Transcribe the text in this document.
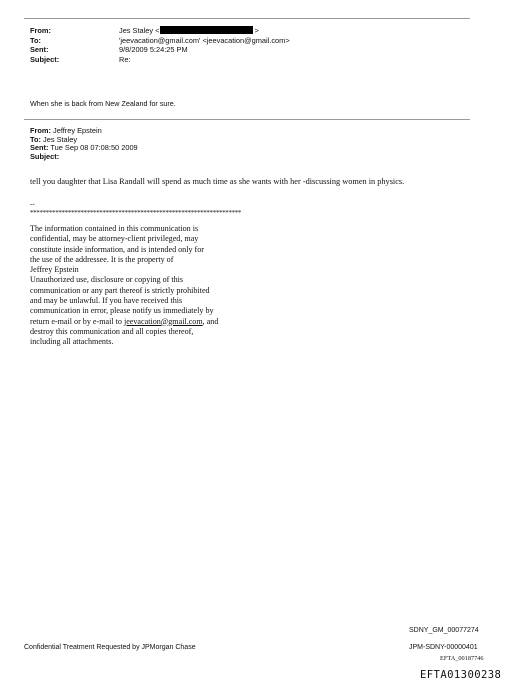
From:	Jes Staley <	>
To:	'jeevacation@gmail.com' <jeevacation@gmail.com>
Sent:	9/8/2009 5:24:25 PM
Subject:	Re:
When she is back from New Zealand for sure.
From: Jeffrey Epstein
To: Jes Staley
Sent: Tue Sep 08 07:08:50 2009
Subject:
tell you daughter that Lisa Randall will spend as much time as she wants with her -discussing women in physics.
--
*******************************************************************
The information contained in this communication is
confidential, may be attorney-client privileged, may
constitute inside information, and is intended only for
the use of the addressee. It is the property of
Jeffrey Epstein
Unauthorized use, disclosure or copying of this
communication or any part thereof is strictly prohibited
and may be unlawful. If you have received this
communication in error, please notify us immediately by
return e-mail or by e-mail to jeevacation@gmail.com, and
destroy this communication and all copies thereof,
including all attachments.
SDNY_GM_00077274
Confidential Treatment Requested by JPMorgan Chase	JPM-SDNY-00000401
EFTA_00187746
EFTA01300238
